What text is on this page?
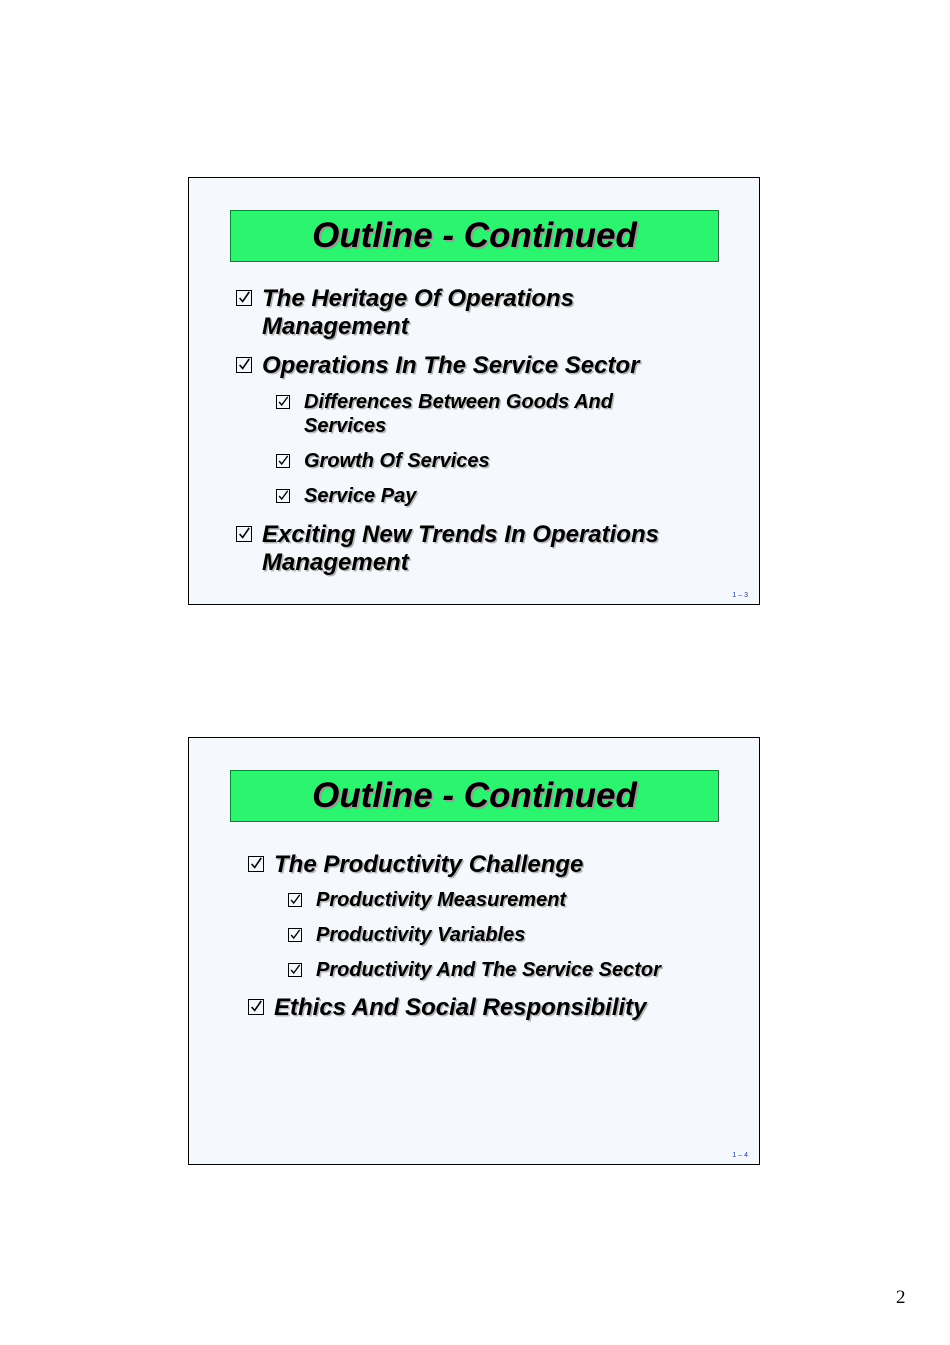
Outline - Continued
The Heritage Of Operations
Management
Operations In The Service Sector
Differences Between Goods And
Services
Growth Of Services
Service Pay
Exciting New Trends In Operations
Management
1 – 3
Outline - Continued
The Productivity Challenge
Productivity Measurement
Productivity Variables
Productivity And The Service Sector
Ethics And Social Responsibility
1 – 4
2
